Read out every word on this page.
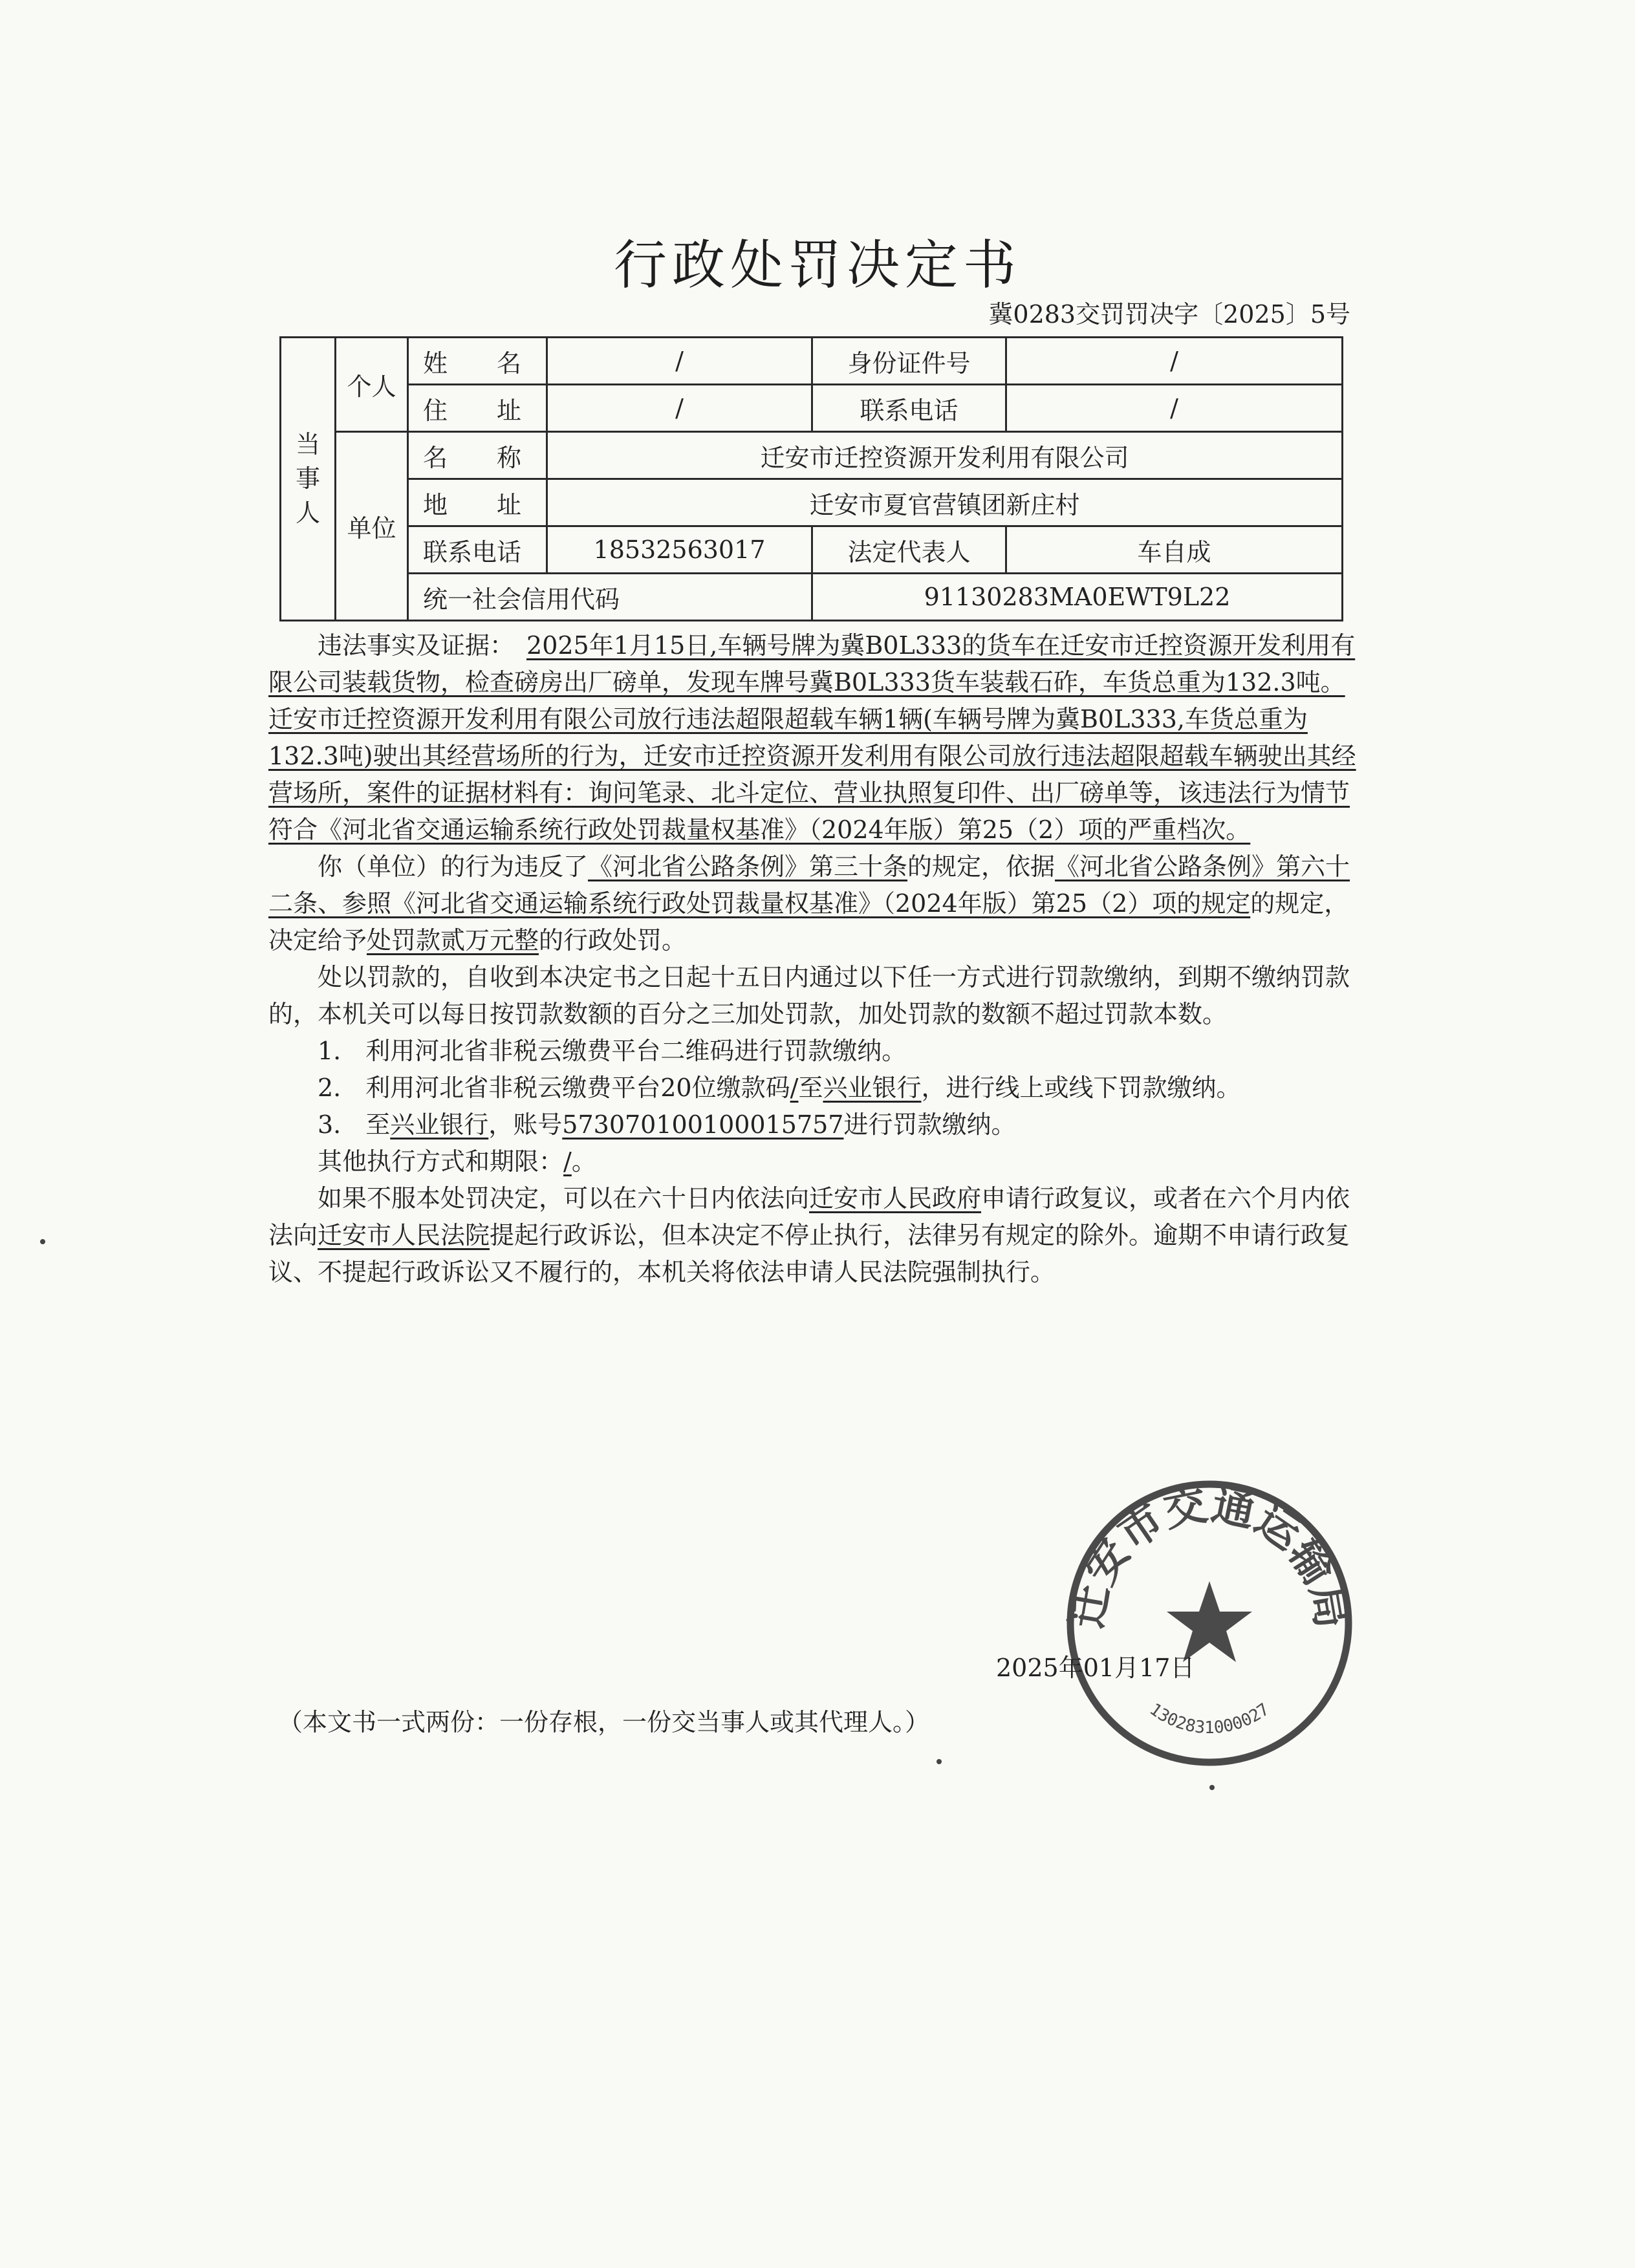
行政处罚决定书
冀0283交罚罚决字〔2025〕5号
当事人	个人	姓　　名	/	身份证件号	/
		住　　址	/	联系电话	/
	单位	名　　称	迁安市迁控资源开发利用有限公司		
		地　　址	迁安市夏官营镇团新庄村		
		联系电话	18532563017	法定代表人	车自成
		统一社会信用代码		91130283MA0EWT9L22	

违法事实及证据：　 2025年1月15日,车辆号牌为冀B0L333的货车在迁安市迁控资源开发利用有限公司装载货物，检查磅房出厂磅单，发现车牌号冀B0L333货车装载石砟，车货总重为132.3吨。迁安市迁控资源开发利用有限公司放行违法超限超载车辆1辆(车辆号牌为冀B0L333,车货总重为132.3吨)驶出其经营场所的行为，迁安市迁控资源开发利用有限公司放行违法超限超载车辆驶出其经营场所，案件的证据材料有：询问笔录、北斗定位、营业执照复印件、出厂磅单等，该违法行为情节符合《河北省交通运输系统行政处罚裁量权基准》（2024年版）第25（2）项的严重档次。

你（单位）的行为违反了《河北省公路条例》第三十条的规定，依据《河北省公路条例》第六十二条、参照《河北省交通运输系统行政处罚裁量权基准》（2024年版）第25（2）项的规定的规定，决定给予处罚款贰万元整的行政处罚。

处以罚款的，自收到本决定书之日起十五日内通过以下任一方式进行罚款缴纳，到期不缴纳罚款的，本机关可以每日按罚款数额的百分之三加处罚款，加处罚款的数额不超过罚款本数。

1.　利用河北省非税云缴费平台二维码进行罚款缴纳。

2.　利用河北省非税云缴费平台20位缴款码/至兴业银行，进行线上或线下罚款缴纳。

3.　至兴业银行，账号573070100100015757进行罚款缴纳。

其他执行方式和期限：/。

如果不服本处罚决定，可以在六十日内依法向迁安市人民政府申请行政复议，或者在六个月内依法向迁安市人民法院提起行政诉讼，但本决定不停止执行，法律另有规定的除外。逾期不申请行政复议、不提起行政诉讼又不履行的，本机关将依法申请人民法院强制执行。

迁安市交通运输局
1302831000027
2025年01月17日
（本文书一式两份：一份存根，一份交当事人或其代理人。）
